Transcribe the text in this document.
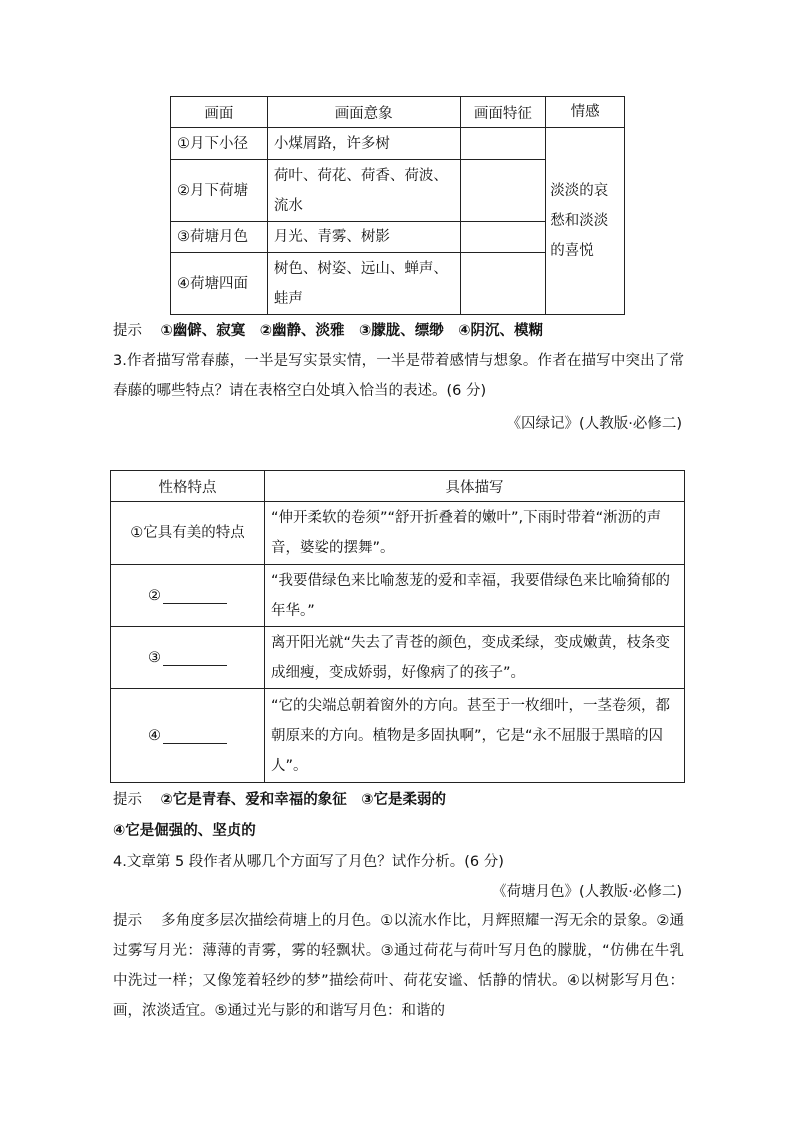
画面	画面意象	画面特征	情感
①月下小径	小煤屑路，许多树		淡淡的哀愁和淡淡的喜悦
②月下荷塘	荷叶、荷花、荷香、荷波、流水		
③荷塘月色	月光、青雾、树影		
④荷塘四面	树色、树姿、远山、蝉声、蛙声		
提示 ①幽僻、寂寞　②幽静、淡雅　③朦胧、缥缈　④阴沉、模糊
3.作者描写常春藤，一半是写实景实情，一半是带着感情与想象。作者在描写中突出了常春藤的哪些特点？请在表格空白处填入恰当的表述。(6 分)
《囚绿记》(人教版·必修二)
性格特点	具体描写
①它具有美的特点	“伸开柔软的卷须”“舒开折叠着的嫩叶”,下雨时带着“淅沥的声音，婆娑的摆舞”。
②	“我要借绿色来比喻葱茏的爱和幸福，我要借绿色来比喻猗郁的年华。”
③	离开阳光就“失去了青苍的颜色，变成柔绿，变成嫩黄，枝条变成细瘦，变成娇弱，好像病了的孩子”。
④	“它的尖端总朝着窗外的方向。甚至于一枚细叶，一茎卷须，都朝原来的方向。植物是多固执啊”，它是“永不屈服于黑暗的囚人”。
提示 ②它是青春、爱和幸福的象征　③它是柔弱的
④它是倔强的、坚贞的
4.文章第 5 段作者从哪几个方面写了月色？试作分析。(6 分)
《荷塘月色》(人教版·必修二)
提示 多角度多层次描绘荷塘上的月色。①以流水作比，月辉照耀一泻无余的景象。②通过雾写月光：薄薄的青雾，雾的轻飘状。③通过荷花与荷叶写月色的朦胧，“仿佛在牛乳中洗过一样；又像笼着轻纱的梦”描绘荷叶、荷花安谧、恬静的情状。④以树影写月色：画，浓淡适宜。⑤通过光与影的和谐写月色：和谐的
